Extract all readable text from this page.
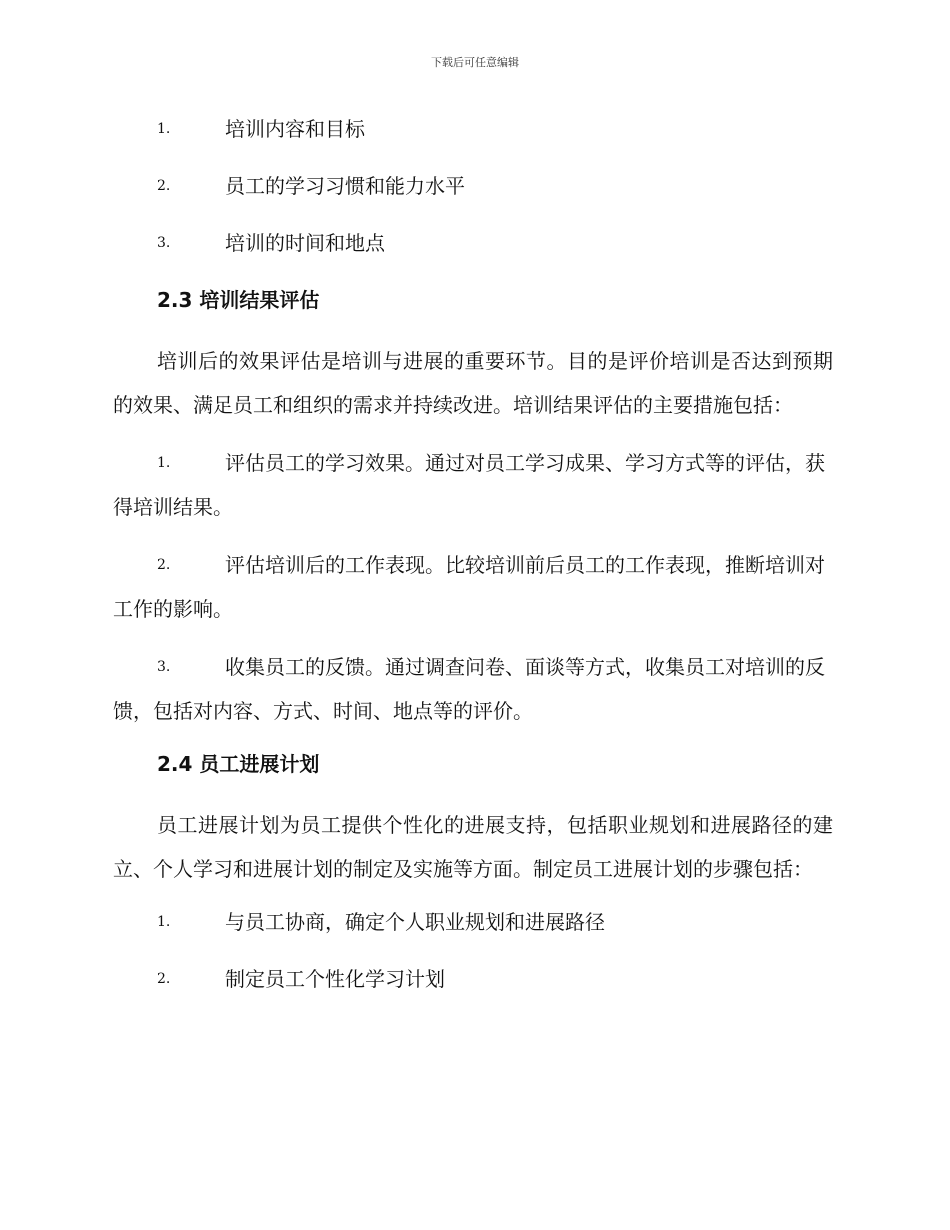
下载后可任意编辑
1.	培训内容和目标
2.	员工的学习习惯和能力水平
3.	培训的时间和地点
2.3 培训结果评估
培训后的效果评估是培训与进展的重要环节。目的是评价培训是否达到预期的效果、满足员工和组织的需求并持续改进。培训结果评估的主要措施包括：
1.	评估员工的学习效果。通过对员工学习成果、学习方式等的评估，获得培训结果。
2.	评估培训后的工作表现。比较培训前后员工的工作表现，推断培训对工作的影响。
3.	收集员工的反馈。通过调查问卷、面谈等方式，收集员工对培训的反馈，包括对内容、方式、时间、地点等的评价。
2.4 员工进展计划
员工进展计划为员工提供个性化的进展支持，包括职业规划和进展路径的建立、个人学习和进展计划的制定及实施等方面。制定员工进展计划的步骤包括：
1.	与员工协商，确定个人职业规划和进展路径
2.	制定员工个性化学习计划
